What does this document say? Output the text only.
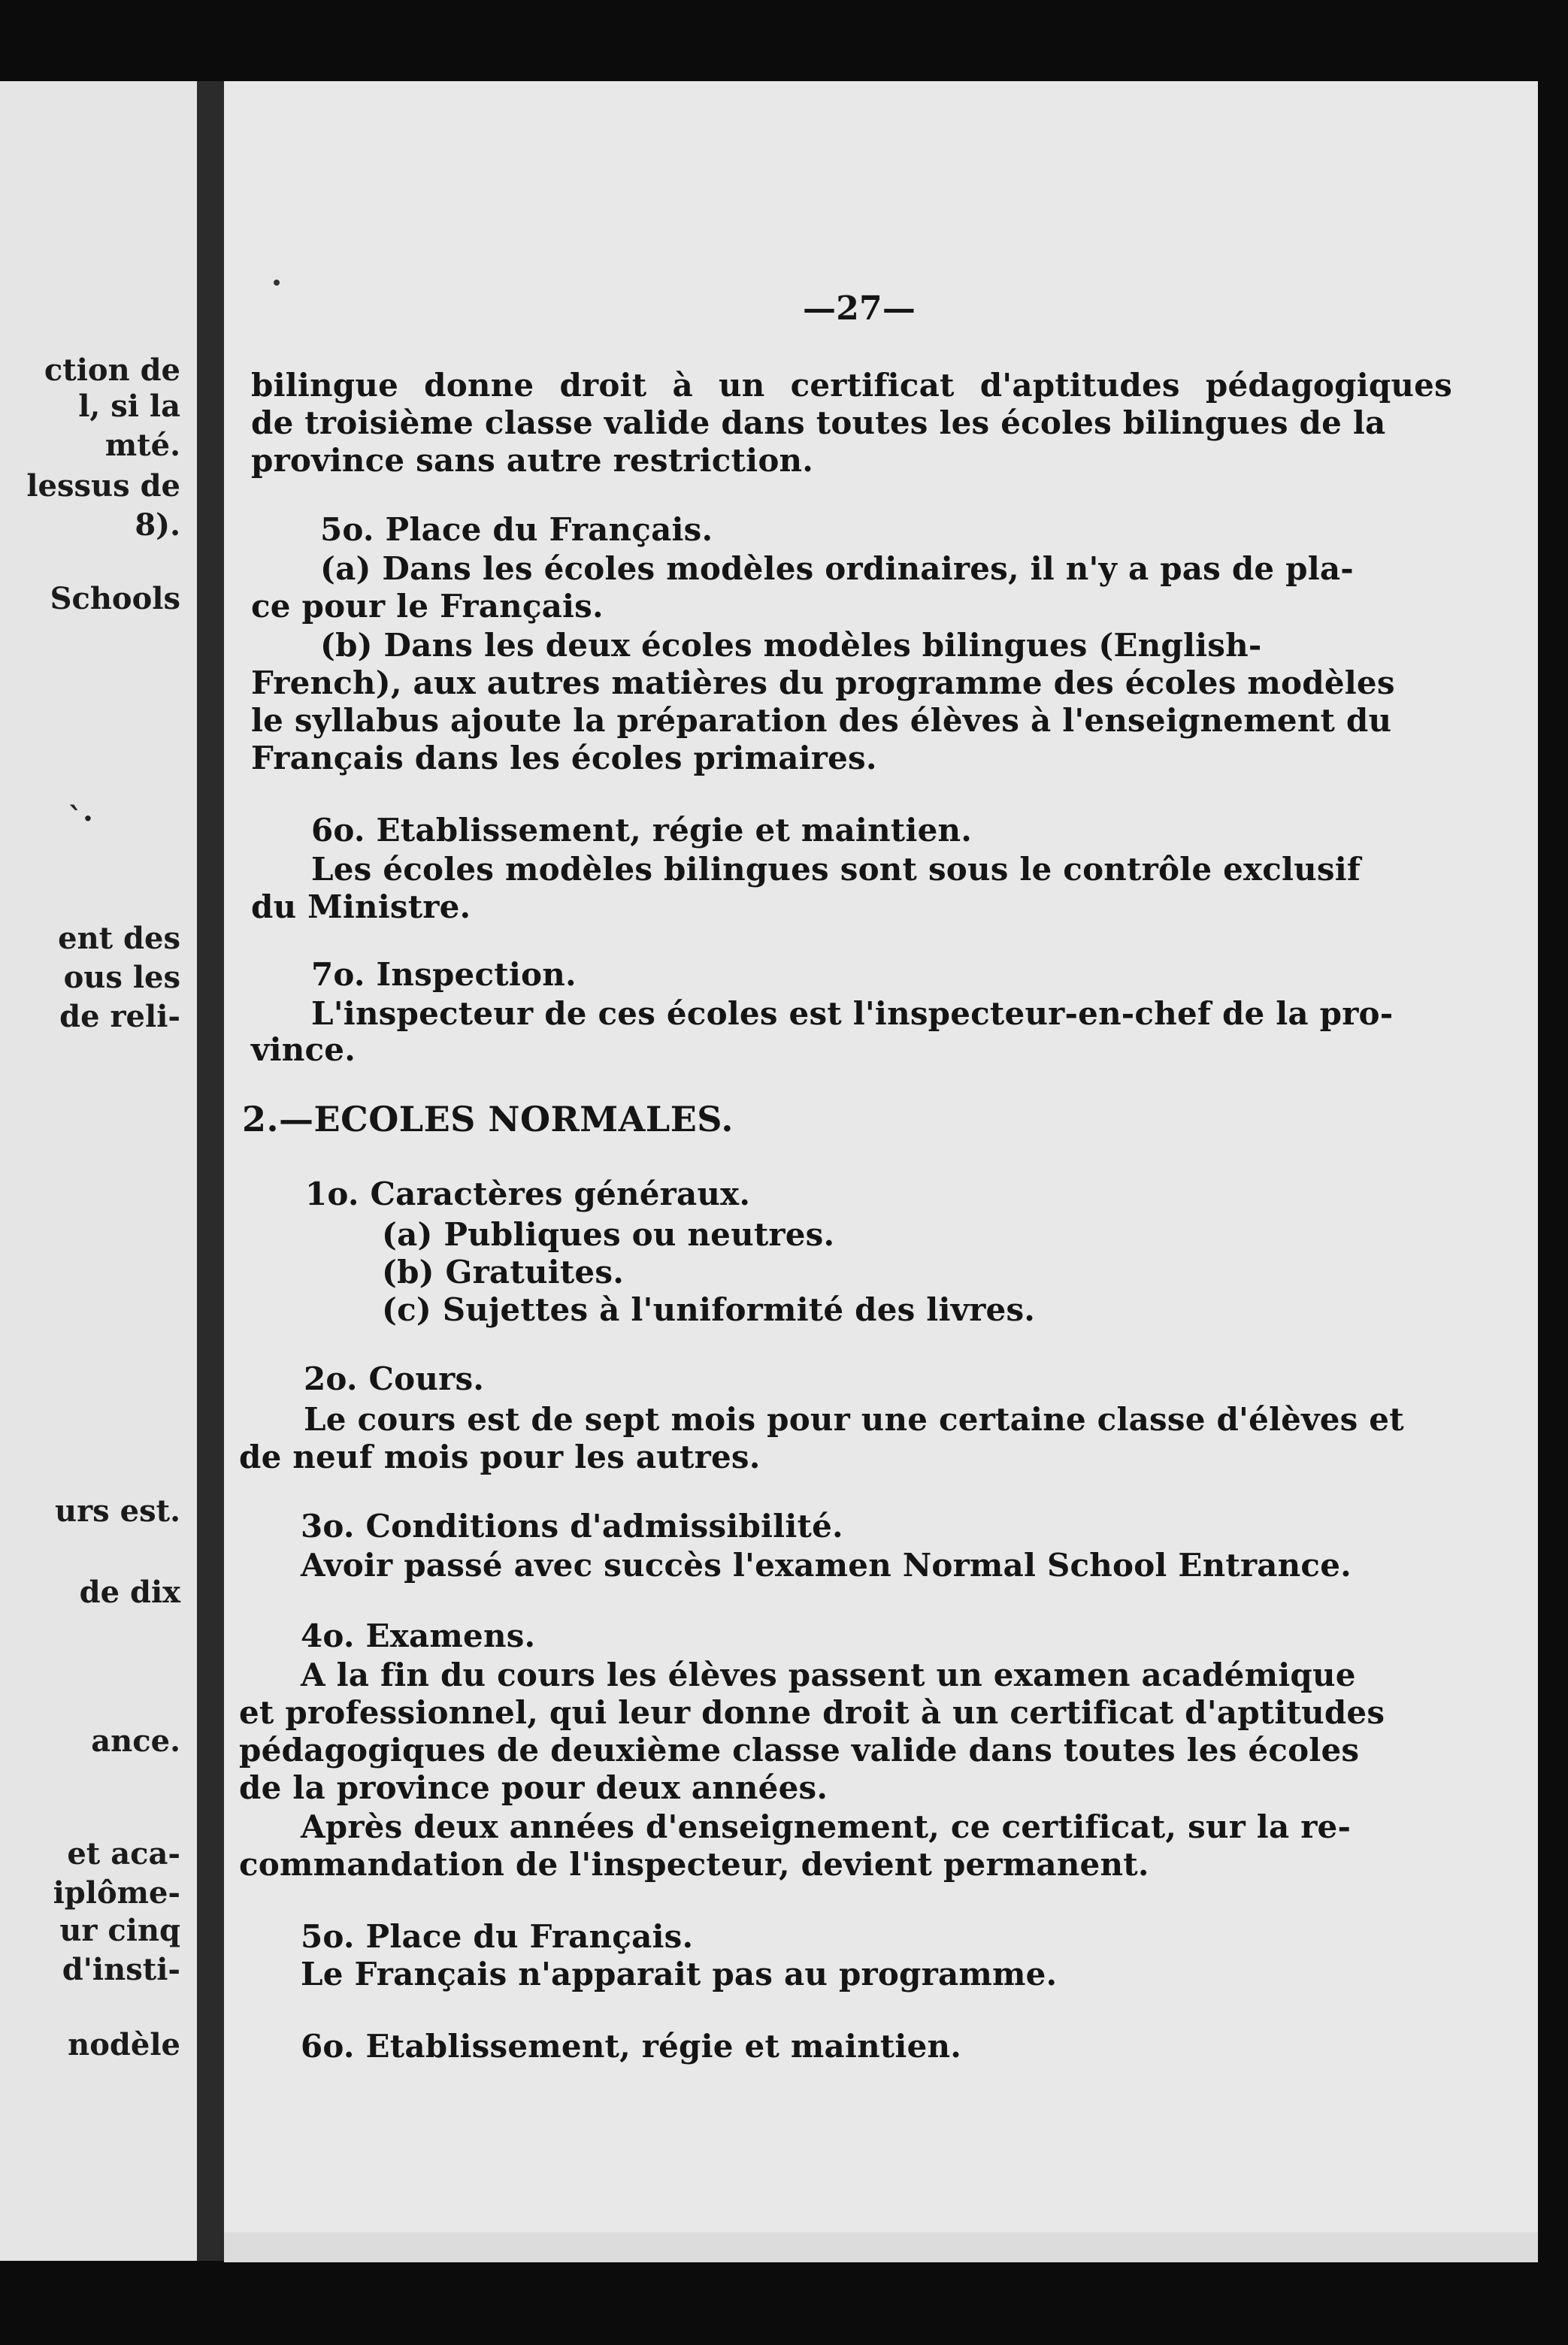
ction de
l, si la
mté.
lessus de
8).
Schools
`·
ent des
ous les
de reli-
urs est.
de dix
ance.
et aca-
iplôme-
ur cinq
d'insti-
nodèle
—27—
bilingue donne droit à un certificat d'aptitudes pédagogiques
de troisième classe valide dans toutes les écoles bilingues de la
province sans autre restriction.
5o. Place du Français.
(a) Dans les écoles modèles ordinaires, il n'y a pas de pla-
ce pour le Français.
(b) Dans les deux écoles modèles bilingues (English-
French), aux autres matières du programme des écoles modèles
le syllabus ajoute la préparation des élèves à l'enseignement du
Français dans les écoles primaires.
6o. Etablissement, régie et maintien.
Les écoles modèles bilingues sont sous le contrôle exclusif
du Ministre.
7o. Inspection.
L'inspecteur de ces écoles est l'inspecteur-en-chef de la pro-
vince.
2.—ECOLES NORMALES.
1o. Caractères généraux.
(a) Publiques ou neutres.
(b) Gratuites.
(c) Sujettes à l'uniformité des livres.
2o. Cours.
Le cours est de sept mois pour une certaine classe d'élèves et
de neuf mois pour les autres.
3o. Conditions d'admissibilité.
Avoir passé avec succès l'examen Normal School Entrance.
4o. Examens.
A la fin du cours les élèves passent un examen académique
et professionnel, qui leur donne droit à un certificat d'aptitudes
pédagogiques de deuxième classe valide dans toutes les écoles
de la province pour deux années.
Après deux années d'enseignement, ce certificat, sur la re-
commandation de l'inspecteur, devient permanent.
5o. Place du Français.
Le Français n'apparait pas au programme.
6o. Etablissement, régie et maintien.
